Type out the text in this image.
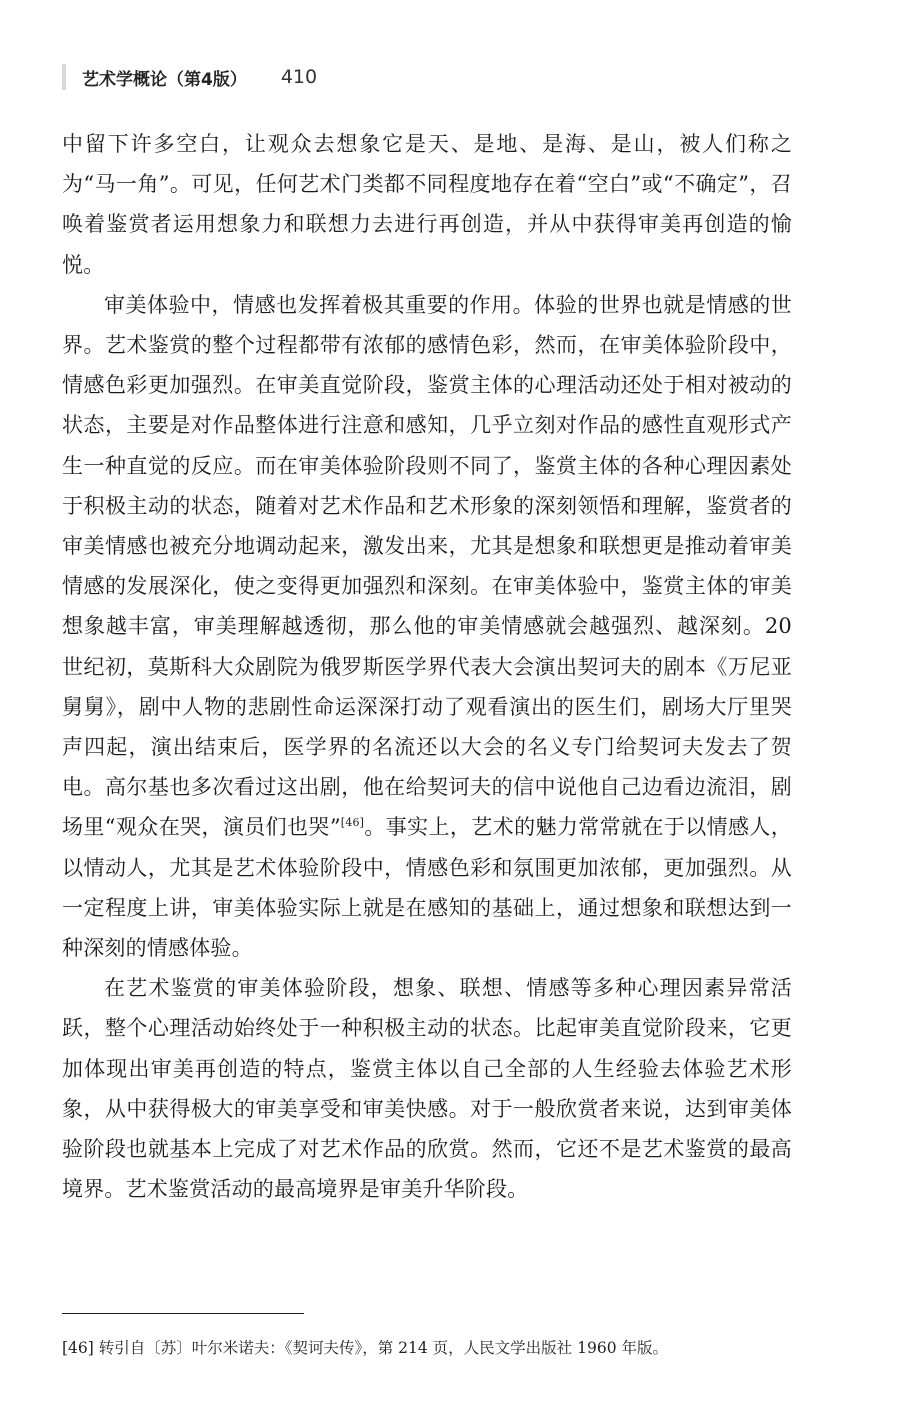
艺术学概论（第4版） 410

中留下许多空白，让观众去想象它是天、是地、是海、是山，被人们称之为“马一角”。可见，任何艺术门类都不同程度地存在着“空白”或“不确定”，召唤着鉴赏者运用想象力和联想力去进行再创造，并从中获得审美再创造的愉悦。

审美体验中，情感也发挥着极其重要的作用。体验的世界也就是情感的世界。艺术鉴赏的整个过程都带有浓郁的感情色彩，然而，在审美体验阶段中，情感色彩更加强烈。在审美直觉阶段，鉴赏主体的心理活动还处于相对被动的状态，主要是对作品整体进行注意和感知，几乎立刻对作品的感性直观形式产生一种直觉的反应。而在审美体验阶段则不同了，鉴赏主体的各种心理因素处于积极主动的状态，随着对艺术作品和艺术形象的深刻领悟和理解，鉴赏者的审美情感也被充分地调动起来，激发出来，尤其是想象和联想更是推动着审美情感的发展深化，使之变得更加强烈和深刻。在审美体验中，鉴赏主体的审美想象越丰富，审美理解越透彻，那么他的审美情感就会越强烈、越深刻。20 世纪初，莫斯科大众剧院为俄罗斯医学界代表大会演出契诃夫的剧本《万尼亚舅舅》，剧中人物的悲剧性命运深深打动了观看演出的医生们，剧场大厅里哭声四起，演出结束后，医学界的名流还以大会的名义专门给契诃夫发去了贺电。高尔基也多次看过这出剧，他在给契诃夫的信中说他自己边看边流泪，剧场里“观众在哭，演员们也哭”[46]。事实上，艺术的魅力常常就在于以情感人，以情动人，尤其是艺术体验阶段中，情感色彩和氛围更加浓郁，更加强烈。从一定程度上讲，审美体验实际上就是在感知的基础上，通过想象和联想达到一种深刻的情感体验。

在艺术鉴赏的审美体验阶段，想象、联想、情感等多种心理因素异常活跃，整个心理活动始终处于一种积极主动的状态。比起审美直觉阶段来，它更加体现出审美再创造的特点，鉴赏主体以自己全部的人生经验去体验艺术形象，从中获得极大的审美享受和审美快感。对于一般欣赏者来说，达到审美体验阶段也就基本上完成了对艺术作品的欣赏。然而，它还不是艺术鉴赏的最高境界。艺术鉴赏活动的最高境界是审美升华阶段。

[46] 转引自〔苏〕叶尔米诺夫：《契诃夫传》，第 214 页，人民文学出版社 1960 年版。
